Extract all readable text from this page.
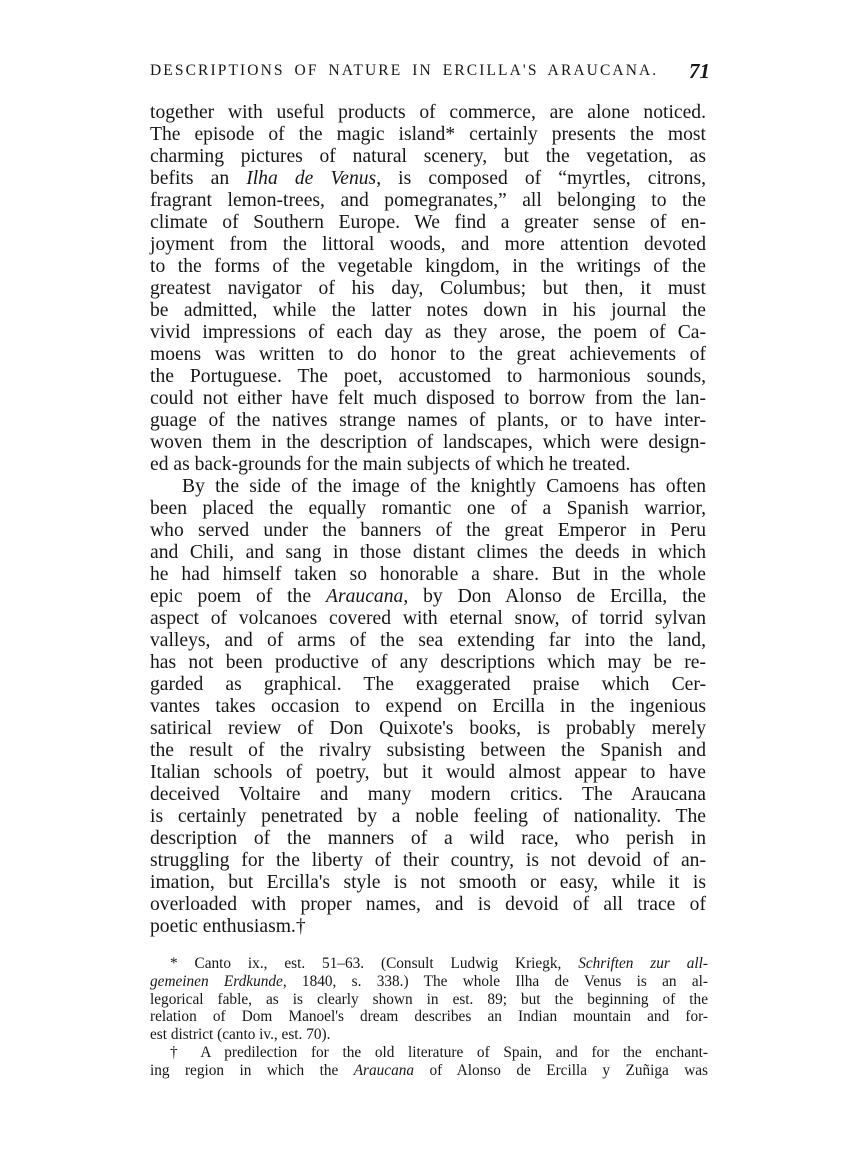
DESCRIPTIONS OF NATURE IN ERCILLA'S ARAUCANA. 71
together with useful products of commerce, are alone noticed.
The episode of the magic island* certainly presents the most
charming pictures of natural scenery, but the vegetation, as
befits an Ilha de Venus, is composed of “myrtles, citrons,
fragrant lemon-trees, and pomegranates,” all belonging to the
climate of Southern Europe. We find a greater sense of en-
joyment from the littoral woods, and more attention devoted
to the forms of the vegetable kingdom, in the writings of the
greatest navigator of his day, Columbus; but then, it must
be admitted, while the latter notes down in his journal the
vivid impressions of each day as they arose, the poem of Ca-
moens was written to do honor to the great achievements of
the Portuguese. The poet, accustomed to harmonious sounds,
could not either have felt much disposed to borrow from the lan-
guage of the natives strange names of plants, or to have inter-
woven them in the description of landscapes, which were design-
ed as back-grounds for the main subjects of which he treated.
By the side of the image of the knightly Camoens has often
been placed the equally romantic one of a Spanish warrior,
who served under the banners of the great Emperor in Peru
and Chili, and sang in those distant climes the deeds in which
he had himself taken so honorable a share. But in the whole
epic poem of the Araucana, by Don Alonso de Ercilla, the
aspect of volcanoes covered with eternal snow, of torrid sylvan
valleys, and of arms of the sea extending far into the land,
has not been productive of any descriptions which may be re-
garded as graphical. The exaggerated praise which Cer-
vantes takes occasion to expend on Ercilla in the ingenious
satirical review of Don Quixote's books, is probably merely
the result of the rivalry subsisting between the Spanish and
Italian schools of poetry, but it would almost appear to have
deceived Voltaire and many modern critics. The Araucana
is certainly penetrated by a noble feeling of nationality. The
description of the manners of a wild race, who perish in
struggling for the liberty of their country, is not devoid of an-
imation, but Ercilla's style is not smooth or easy, while it is
overloaded with proper names, and is devoid of all trace of
poetic enthusiasm.†
* Canto ix., est. 51–63. (Consult Ludwig Kriegk, Schriften zur all-
gemeinen Erdkunde, 1840, s. 338.) The whole Ilha de Venus is an al-
legorical fable, as is clearly shown in est. 89; but the beginning of the
relation of Dom Manoel's dream describes an Indian mountain and for-
est district (canto iv., est. 70).
† A predilection for the old literature of Spain, and for the enchant-
ing region in which the Araucana of Alonso de Ercilla y Zuñiga was
